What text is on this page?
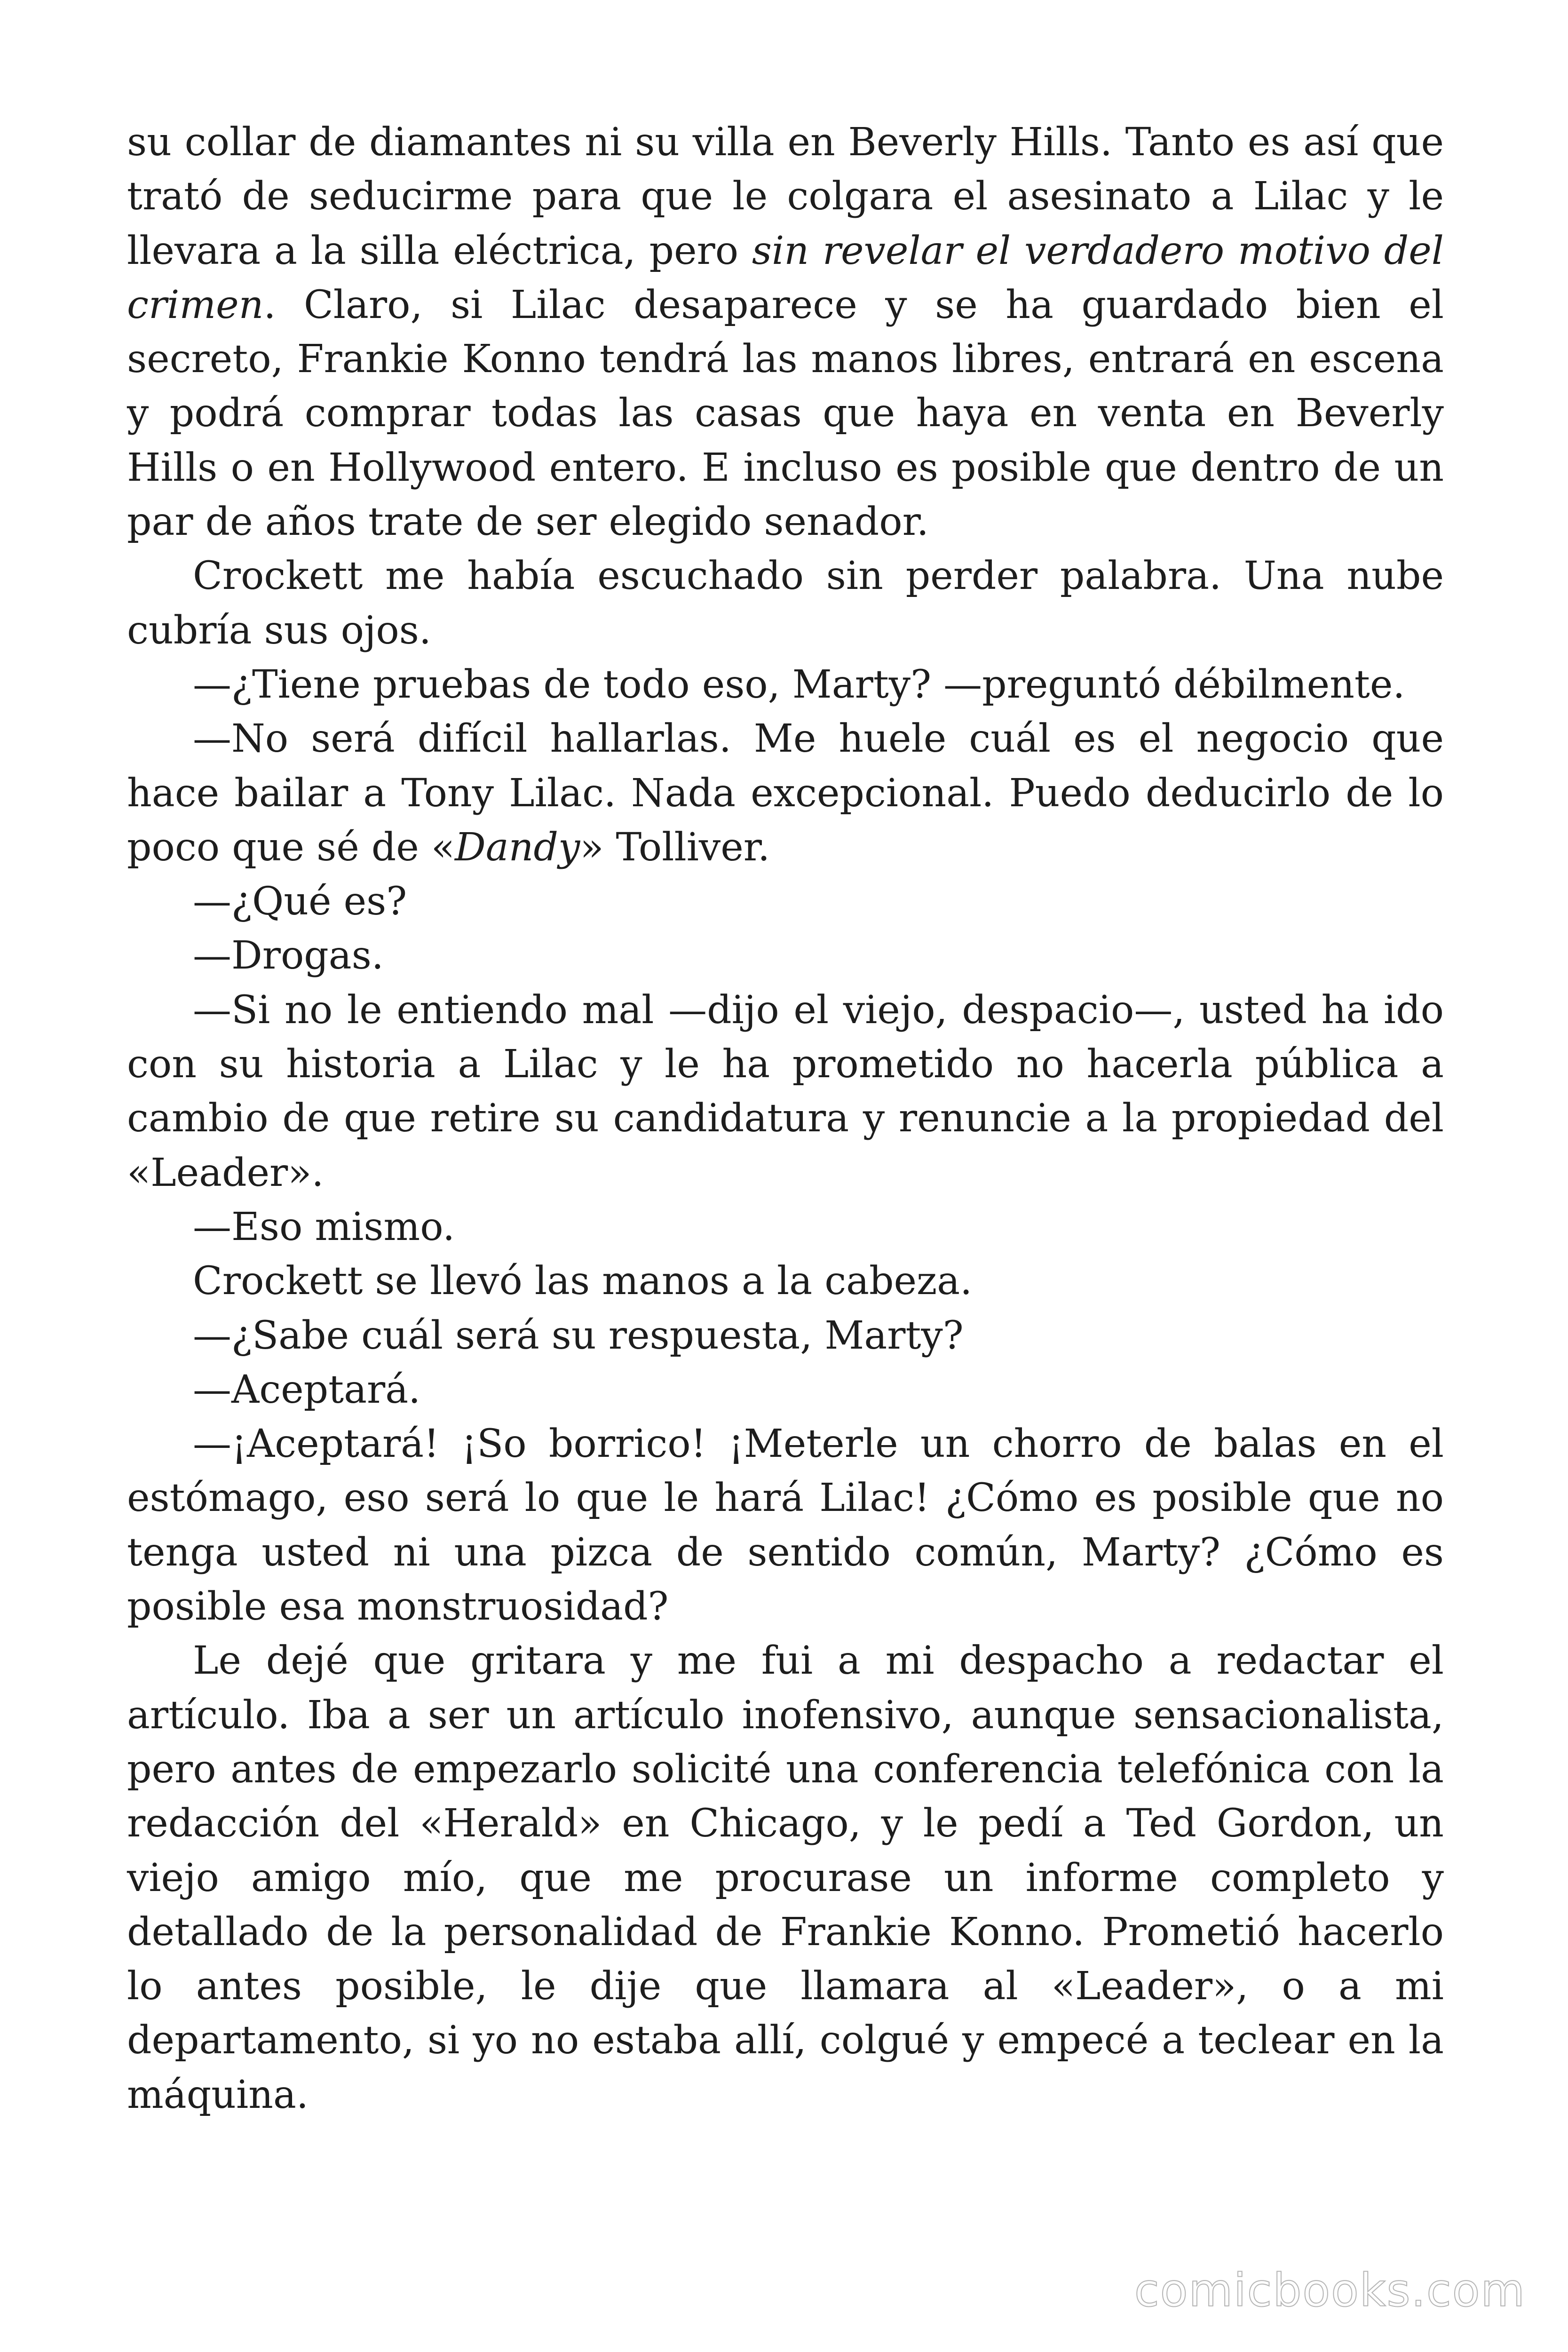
su collar de diamantes ni su villa en Beverly Hills. Tanto es así que trató de seducirme para que le colgara el asesinato a Lilac y le llevara a la silla eléctrica, pero sin revelar el verdadero motivo del crimen. Claro, si Lilac desaparece y se ha guardado bien el secreto, Frankie Konno tendrá las manos libres, entrará en escena y podrá comprar todas las casas que haya en venta en Beverly Hills o en Hollywood entero. E incluso es posible que dentro de un par de años trate de ser elegido senador.

Crockett me había escuchado sin perder palabra. Una nube cubría sus ojos.

—¿Tiene pruebas de todo eso, Marty? —preguntó débilmente.

—No será difícil hallarlas. Me huele cuál es el negocio que hace bailar a Tony Lilac. Nada excepcional. Puedo deducirlo de lo poco que sé de «Dandy» Tolliver.

—¿Qué es?

—Drogas.

—Si no le entiendo mal —dijo el viejo, despacio—, usted ha ido con su historia a Lilac y le ha prometido no hacerla pública a cambio de que retire su candidatura y renuncie a la propiedad del «Leader».

—Eso mismo.

Crockett se llevó las manos a la cabeza.

—¿Sabe cuál será su respuesta, Marty?

—Aceptará.

—¡Aceptará! ¡So borrico! ¡Meterle un chorro de balas en el estómago, eso será lo que le hará Lilac! ¿Cómo es posible que no tenga usted ni una pizca de sentido común, Marty? ¿Cómo es posible esa monstruosidad?

Le dejé que gritara y me fui a mi despacho a redactar el artículo. Iba a ser un artículo inofensivo, aunque sensacionalista, pero antes de empezarlo solicité una conferencia telefónica con la redacción del «Herald» en Chicago, y le pedí a Ted Gordon, un viejo amigo mío, que me procurase un informe completo y detallado de la personalidad de Frankie Konno. Prometió hacerlo lo antes posible, le dije que llamara al «Leader», o a mi departamento, si yo no estaba allí, colgué y empecé a teclear en la máquina.

comicbooks.com
